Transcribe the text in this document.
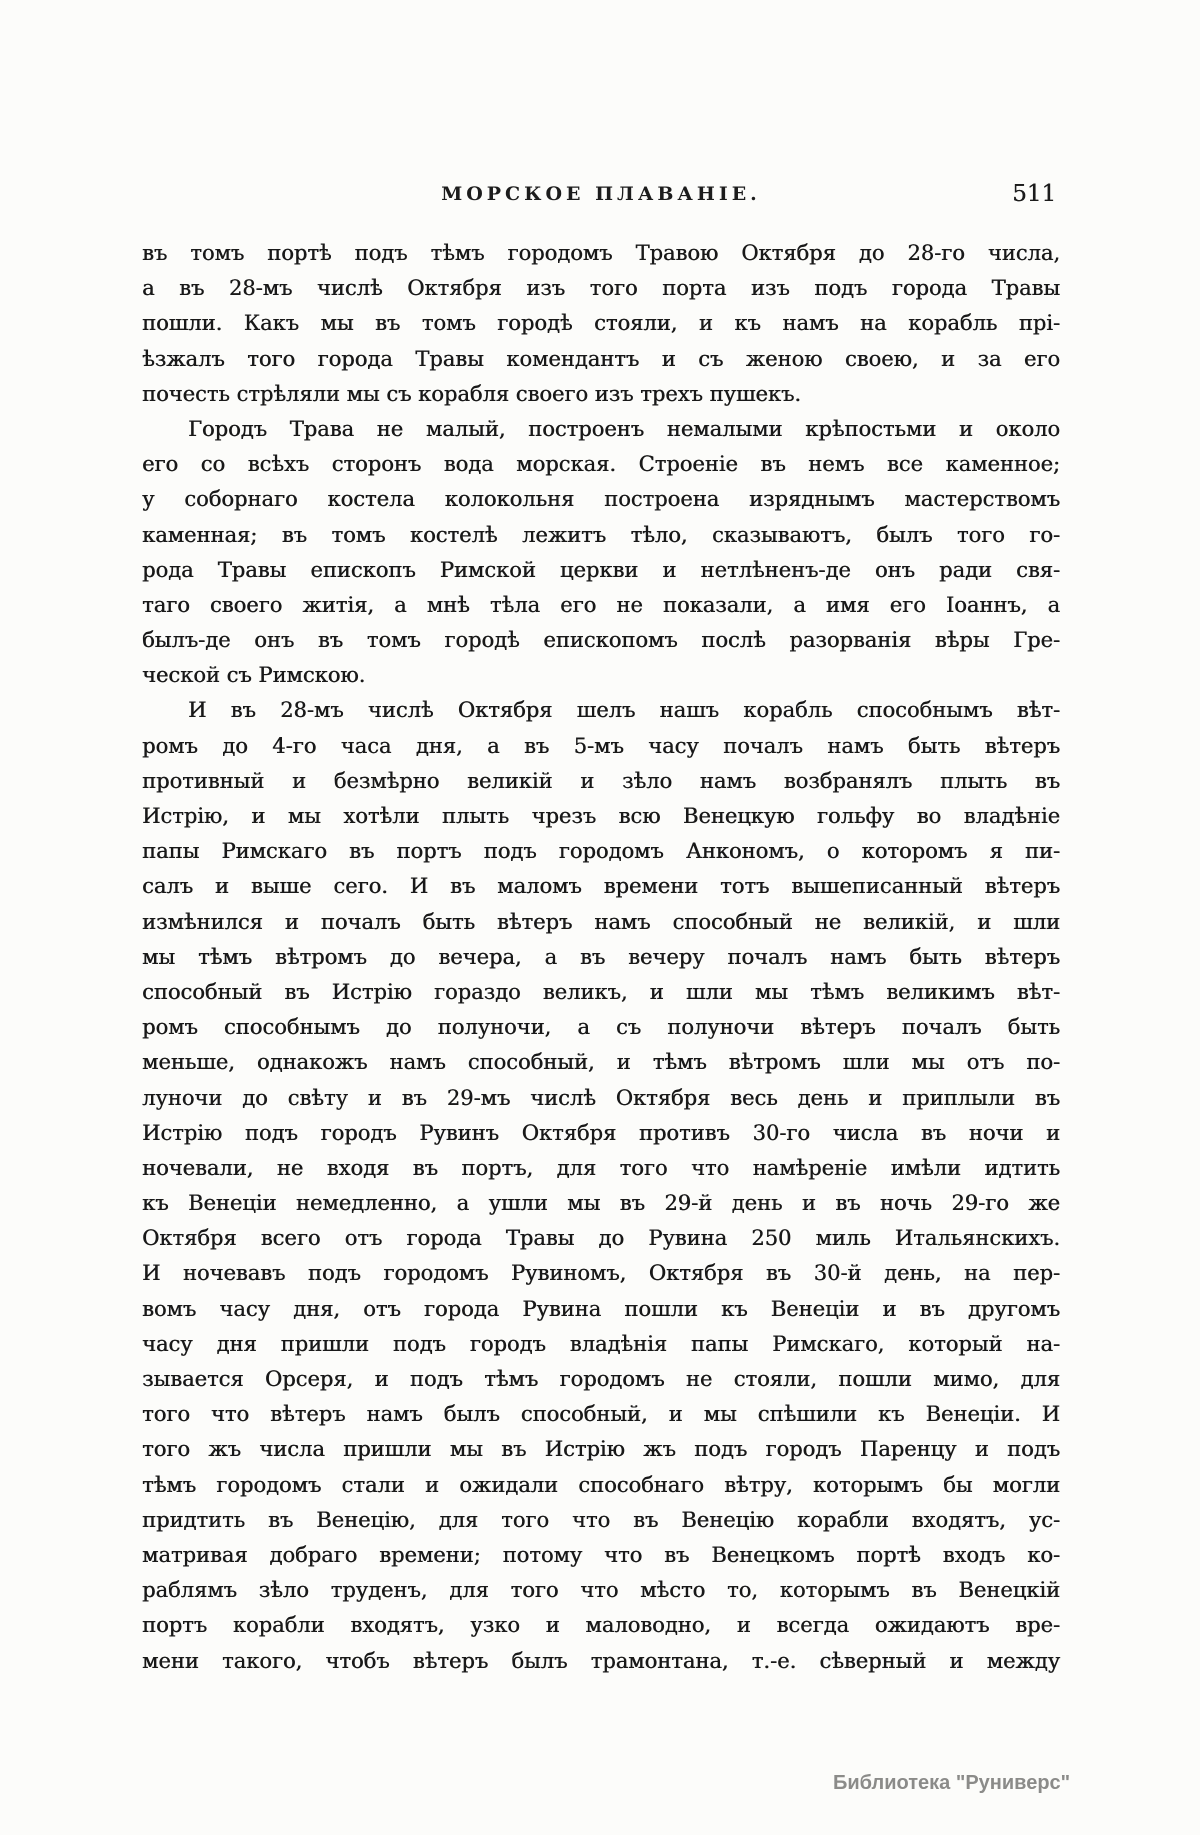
МОРСКОЕ ПЛАВАНІЕ.	511
въ томъ портѣ подъ тѣмъ городомъ Травою Октября до 28-го числа,
а въ 28-мъ числѣ Октября изъ того порта изъ подъ города Травы
пошли. Какъ мы въ томъ городѣ стояли, и къ намъ на корабль прі-
ѣзжалъ того города Травы комендантъ и съ женою своею, и за его
почесть стрѣляли мы съ корабля своего изъ трехъ пушекъ.
Городъ Трава не малый, построенъ немалыми крѣпостьми и около
его со всѣхъ сторонъ вода морская. Строеніе въ немъ все каменное;
у соборнаго костела колокольня построена изряднымъ мастерствомъ
каменная; въ томъ костелѣ лежитъ тѣло, сказываютъ, былъ того го-
рода Травы епископъ Римской церкви и нетлѣненъ-де онъ ради свя-
таго своего житія, а мнѣ тѣла его не показали, а имя его Іоаннъ, а
былъ-де онъ въ томъ городѣ епископомъ послѣ разорванія вѣры Гре-
ческой съ Римскою.
И въ 28-мъ числѣ Октября шелъ нашъ корабль способнымъ вѣт-
ромъ до 4-го часа дня, а въ 5-мъ часу почалъ намъ быть вѣтеръ
противный и безмѣрно великій и зѣло намъ возбранялъ плыть въ
Истрію, и мы хотѣли плыть чрезъ всю Венецкую гольфу во владѣніе
папы Римскаго въ портъ подъ городомъ Анкономъ, о которомъ я пи-
салъ и выше сего. И въ маломъ времени тотъ вышеписанный вѣтеръ
измѣнился и почалъ быть вѣтеръ намъ способный не великій, и шли
мы тѣмъ вѣтромъ до вечера, а въ вечеру почалъ намъ быть вѣтеръ
способный въ Истрію гораздо великъ, и шли мы тѣмъ великимъ вѣт-
ромъ способнымъ до полуночи, а съ полуночи вѣтеръ почалъ быть
меньше, однакожъ намъ способный, и тѣмъ вѣтромъ шли мы отъ по-
луночи до свѣту и въ 29-мъ числѣ Октября весь день и приплыли въ
Истрію подъ городъ Рувинъ Октября противъ 30-го числа въ ночи и
ночевали, не входя въ портъ, для того что намѣреніе имѣли идтить
къ Венеціи немедленно, а ушли мы въ 29-й день и въ ночь 29-го же
Октября всего отъ города Травы до Рувина 250 миль Итальянскихъ.
И ночевавъ подъ городомъ Рувиномъ, Октября въ 30-й день, на пер-
вомъ часу дня, отъ города Рувина пошли къ Венеціи и въ другомъ
часу дня пришли подъ городъ владѣнія папы Римскаго, который на-
зывается Орсеря, и подъ тѣмъ городомъ не стояли, пошли мимо, для
того что вѣтеръ намъ былъ способный, и мы спѣшили къ Венеціи. И
того жъ числа пришли мы въ Истрію жъ подъ городъ Паренцу и подъ
тѣмъ городомъ стали и ожидали способнаго вѣтру, которымъ бы могли
придтить въ Венецію, для того что въ Венецію корабли входятъ, ус-
матривая добраго времени; потому что въ Венецкомъ портѣ входъ ко-
раблямъ зѣло труденъ, для того что мѣсто то, которымъ въ Венецкій
портъ корабли входятъ, узко и маловодно, и всегда ожидаютъ вре-
мени такого, чтобъ вѣтеръ былъ трамонтана, т.-е. сѣверный и между
Библиотека "Руниверс"
